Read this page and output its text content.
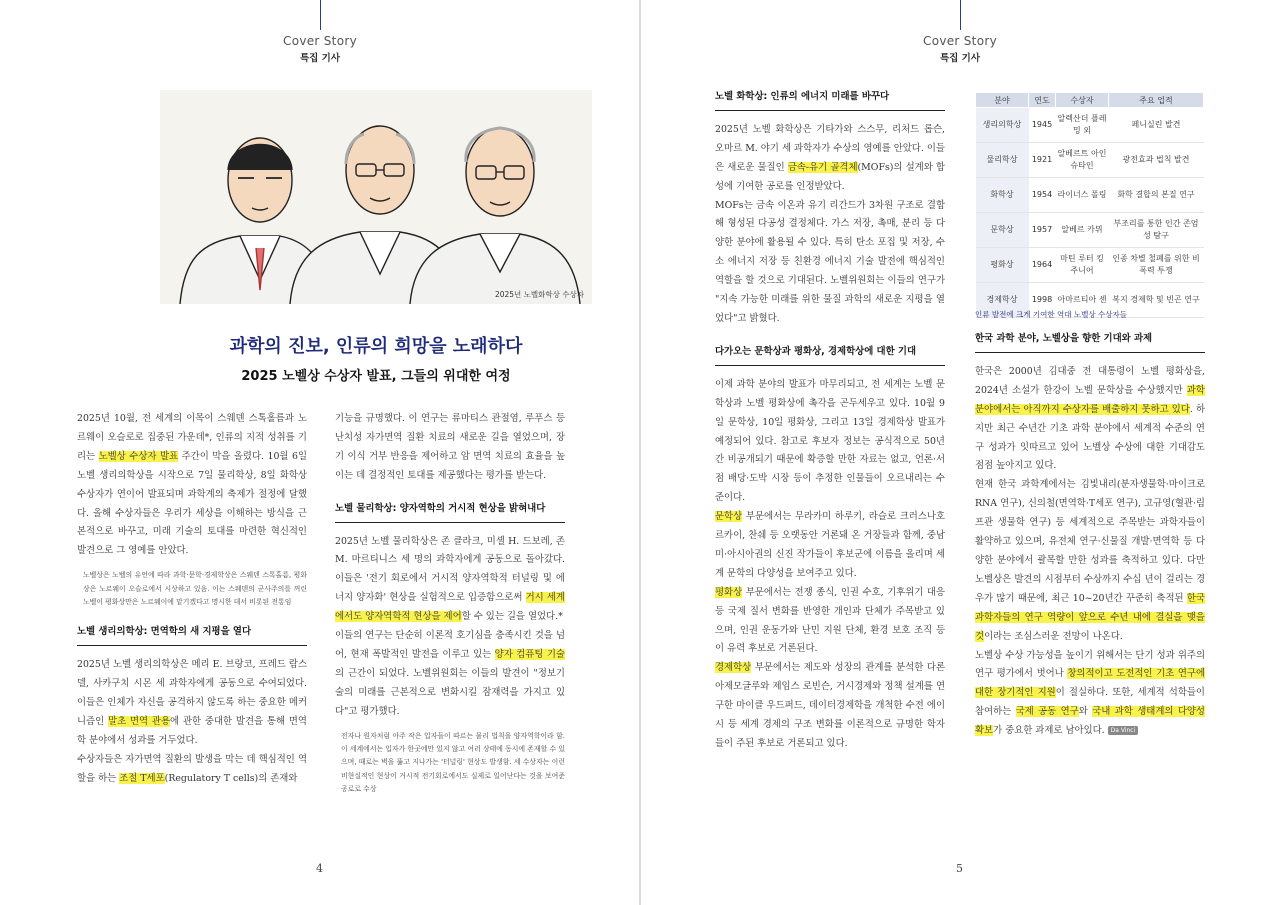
Cover Story
특집 기사
2025년 노벨화학상 수상자
과학의 진보, 인류의 희망을 노래하다
2025 노벨상 수상자 발표, 그들의 위대한 여정

2025년 10월, 전 세계의 이목이 스웨덴 스톡홀름과 노르웨이 오슬로로 집중된 가운데*, 인류의 지적 성취를 기리는 노벨상 수상자 발표 주간이 막을 올렸다. 10월 6일 노벨 생리의학상을 시작으로 7일 물리학상, 8일 화학상 수상자가 연이어 발표되며 과학계의 축제가 절정에 달했다. 올해 수상자들은 우리가 세상을 이해하는 방식을 근본적으로 바꾸고, 미래 기술의 토대를 마련한 혁신적인 발견으로 그 영예를 안았다.

노벨상은 노벨의 유언에 따라 과학·문학·경제학상은 스웨덴 스톡홀름, 평화상은 노르웨이 오슬로에서 시상하고 있음. 이는 스웨덴의 군사주의를 꺼린 노벨이 평화상만은 노르웨이에 맡기겠다고 명시한 데서 비롯된 전통임

노벨 생리의학상: 면역학의 새 지평을 열다

2025년 노벨 생리의학상은 메리 E. 브랑코, 프레드 람스델, 사카구치 시몬 세 과학자에게 공동으로 수여되었다. 이들은 인체가 자신을 공격하지 않도록 하는 중요한 메커니즘인 말초 면역 관용에 관한 중대한 발견을 통해 면역학 분야에서 성과를 거두었다.

수상자들은 자가면역 질환의 발생을 막는 데 핵심적인 역할을 하는 조절 T세포(Regulatory T cells)의 존재와

기능을 규명했다. 이 연구는 류마티스 관절염, 루푸스 등 난치성 자가면역 질환 치료의 새로운 길을 열었으며, 장기 이식 거부 반응을 제어하고 암 면역 치료의 효율을 높이는 데 결정적인 토대를 제공했다는 평가를 받는다.

노벨 물리학상: 양자역학의 거시적 현상을 밝혀내다

2025년 노벨 물리학상은 존 클라크, 미셸 H. 드보레, 존 M. 마르티니스 세 명의 과학자에게 공동으로 돌아갔다. 이들은 '전기 회로에서 거시적 양자역학적 터널링 및 에너지 양자화' 현상을 실험적으로 입증함으로써 거시 세계에서도 양자역학적 현상을 제어할 수 있는 길을 열었다.*

이들의 연구는 단순히 이론적 호기심을 충족시킨 것을 넘어, 현재 폭발적인 발전을 이루고 있는 양자 컴퓨팅 기술의 근간이 되었다. 노벨위원회는 이들의 발견이 "정보기술의 미래를 근본적으로 변화시킬 잠재력을 가지고 있다"고 평가했다.

전자나 원자처럼 아주 작은 입자들이 따르는 물리 법칙을 양자역학이라 함. 이 세계에서는 입자가 한곳에만 있지 않고 여러 상태에 동시에 존재할 수 있으며, 때로는 벽을 뚫고 지나가는 '터널링' 현상도 발생함. 세 수상자는 이런 비현실적인 현상이 거시적 전기회로에서도 실제로 일어난다는 것을 보여준 공로로 수상

4
Cover Story
특집 기사
5

노벨 화학상: 인류의 에너지 미래를 바꾸다

2025년 노벨 화학상은 기타가와 스스무, 리처드 롭슨, 오마르 M. 야기 세 과학자가 수상의 영예를 안았다. 이들은 새로운 물질인 금속-유기 골격체(MOFs)의 설계와 합성에 기여한 공로를 인정받았다.

MOFs는 금속 이온과 유기 리간드가 3차원 구조로 결합해 형성된 다공성 결정체다. 가스 저장, 촉매, 분리 등 다양한 분야에 활용될 수 있다. 특히 탄소 포집 및 저장, 수소 에너지 저장 등 친환경 에너지 기술 발전에 핵심적인 역할을 할 것으로 기대된다. 노벨위원회는 이들의 연구가 "지속 가능한 미래를 위한 물질 과학의 새로운 지평을 열었다"고 밝혔다.

다가오는 문학상과 평화상, 경제학상에 대한 기대

이제 과학 분야의 발표가 마무리되고, 전 세계는 노벨 문학상과 노벨 평화상에 촉각을 곤두세우고 있다. 10월 9일 문학상, 10일 평화상, 그리고 13일 경제학상 발표가 예정되어 있다. 참고로 후보자 정보는 공식적으로 50년간 비공개되기 때문에 확증할 만한 자료는 없고, 언론·서점 배당·도박 시장 등이 추정한 인물들이 오르내리는 수준이다.

문학상 부문에서는 무라카미 하루키, 라슬로 크러스나호르카이, 찬쉐 등 오랫동안 거론돼 온 거장들과 함께, 중남미·아시아권의 신진 작가들이 후보군에 이름을 올리며 세계 문학의 다양성을 보여주고 있다.

평화상 부문에서는 전쟁 종식, 인권 수호, 기후위기 대응 등 국제 질서 변화를 반영한 개인과 단체가 주목받고 있으며, 인권 운동가와 난민 지원 단체, 환경 보호 조직 등이 유력 후보로 거론된다.

경제학상 부문에서는 제도와 성장의 관계를 분석한 다론 아제모글루와 제임스 로빈슨, 거시경제와 정책 설계를 연구한 마이클 우드퍼드, 데이터경제학을 개척한 수전 에이시 등 세계 경제의 구조 변화를 이론적으로 규명한 학자들이 주된 후보로 거론되고 있다.

분야	연도	수상자	주요 업적
생리의학상	1945	알렉산더 플레밍 외	페니실린 발견
물리학상	1921	알베르트 아인슈타인	광전효과 법칙 발견
화학상	1954	라이너스 폴링	화학 결합의 본질 연구
문학상	1957	알베르 카뮈	부조리를 통한 인간 존엄성 탐구
평화상	1964	마틴 루터 킹 주니어	인종 차별 철폐를 위한 비폭력 투쟁
경제학상	1998	아마르티아 센	복지 경제학 및 빈곤 연구
인류 발전에 크게 기여한 역대 노벨상 수상자들

한국 과학 분야, 노벨상을 향한 기대와 과제

한국은 2000년 김대중 전 대통령이 노벨 평화상을, 2024년 소설가 한강이 노벨 문학상을 수상했지만 과학 분야에서는 아직까지 수상자를 배출하지 못하고 있다. 하지만 최근 수년간 기초 과학 분야에서 세계적 수준의 연구 성과가 잇따르고 있어 노벨상 수상에 대한 기대감도 점점 높아지고 있다.

현재 한국 과학계에서는 김빛내리(분자생물학·마이크로RNA 연구), 신의철(면역학·T세포 연구), 고규영(혈관·림프관 생물학 연구) 등 세계적으로 주목받는 과학자들이 활약하고 있으며, 유전체 연구·신물질 개발·면역학 등 다양한 분야에서 괄목할 만한 성과를 축적하고 있다. 다만 노벨상은 발견의 시점부터 수상까지 수십 년이 걸리는 경우가 많기 때문에, 최근 10~20년간 꾸준히 축적된 한국 과학자들의 연구 역량이 앞으로 수년 내에 결실을 맺을 것이라는 조심스러운 전망이 나온다.

노벨상 수상 가능성을 높이기 위해서는 단기 성과 위주의 연구 평가에서 벗어나 창의적이고 도전적인 기초 연구에 대한 장기적인 지원이 절실하다. 또한, 세계적 석학들이 참여하는 국제 공동 연구와 국내 과학 생태계의 다양성 확보가 중요한 과제로 남아있다. Da Vinci
